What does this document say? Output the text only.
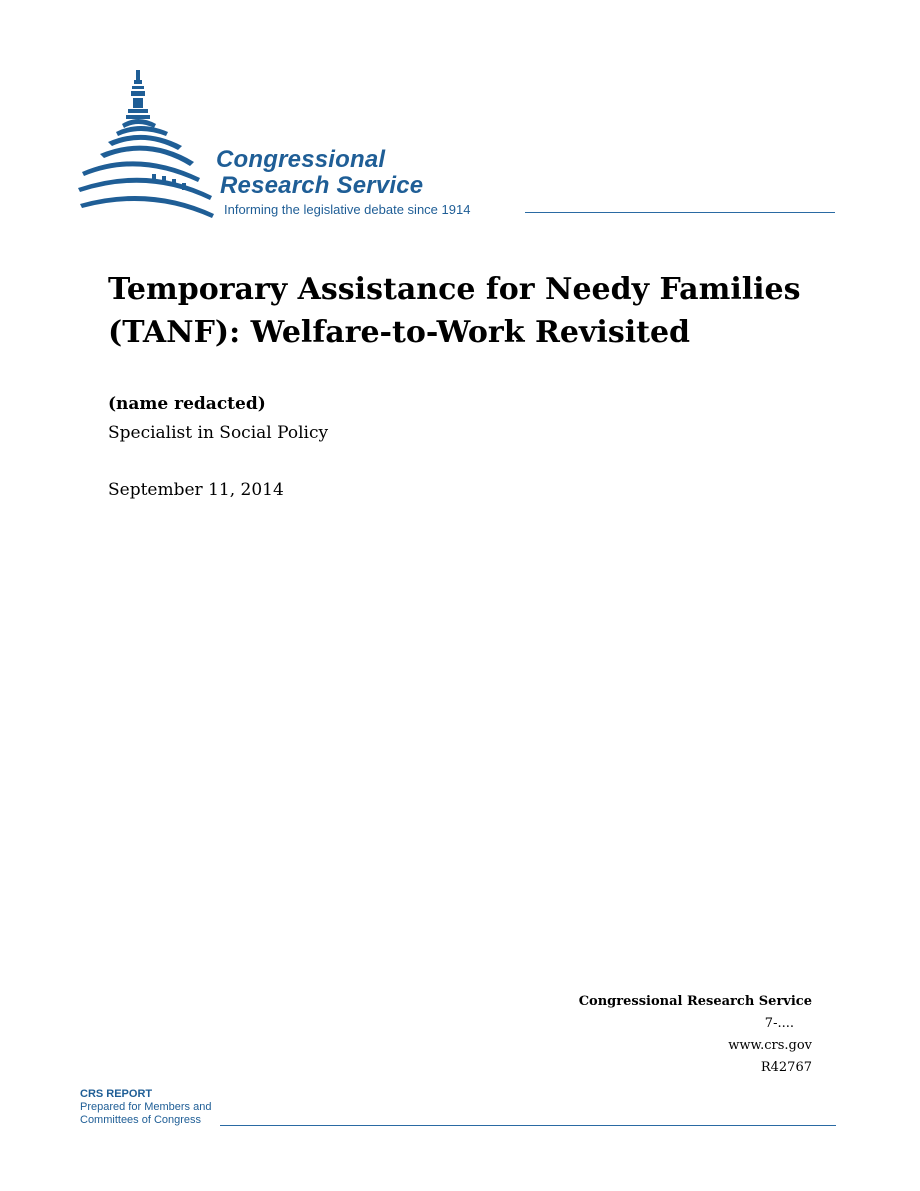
Congressional
Research Service
Informing the legislative debate since 1914
Temporary Assistance for Needy Families (TANF): Welfare-to-Work Revisited
(name redacted)
Specialist in Social Policy
September 11, 2014
Congressional Research Service
7-....
www.crs.gov
R42767
CRS REPORT
Prepared for Members and
Committees of Congress
